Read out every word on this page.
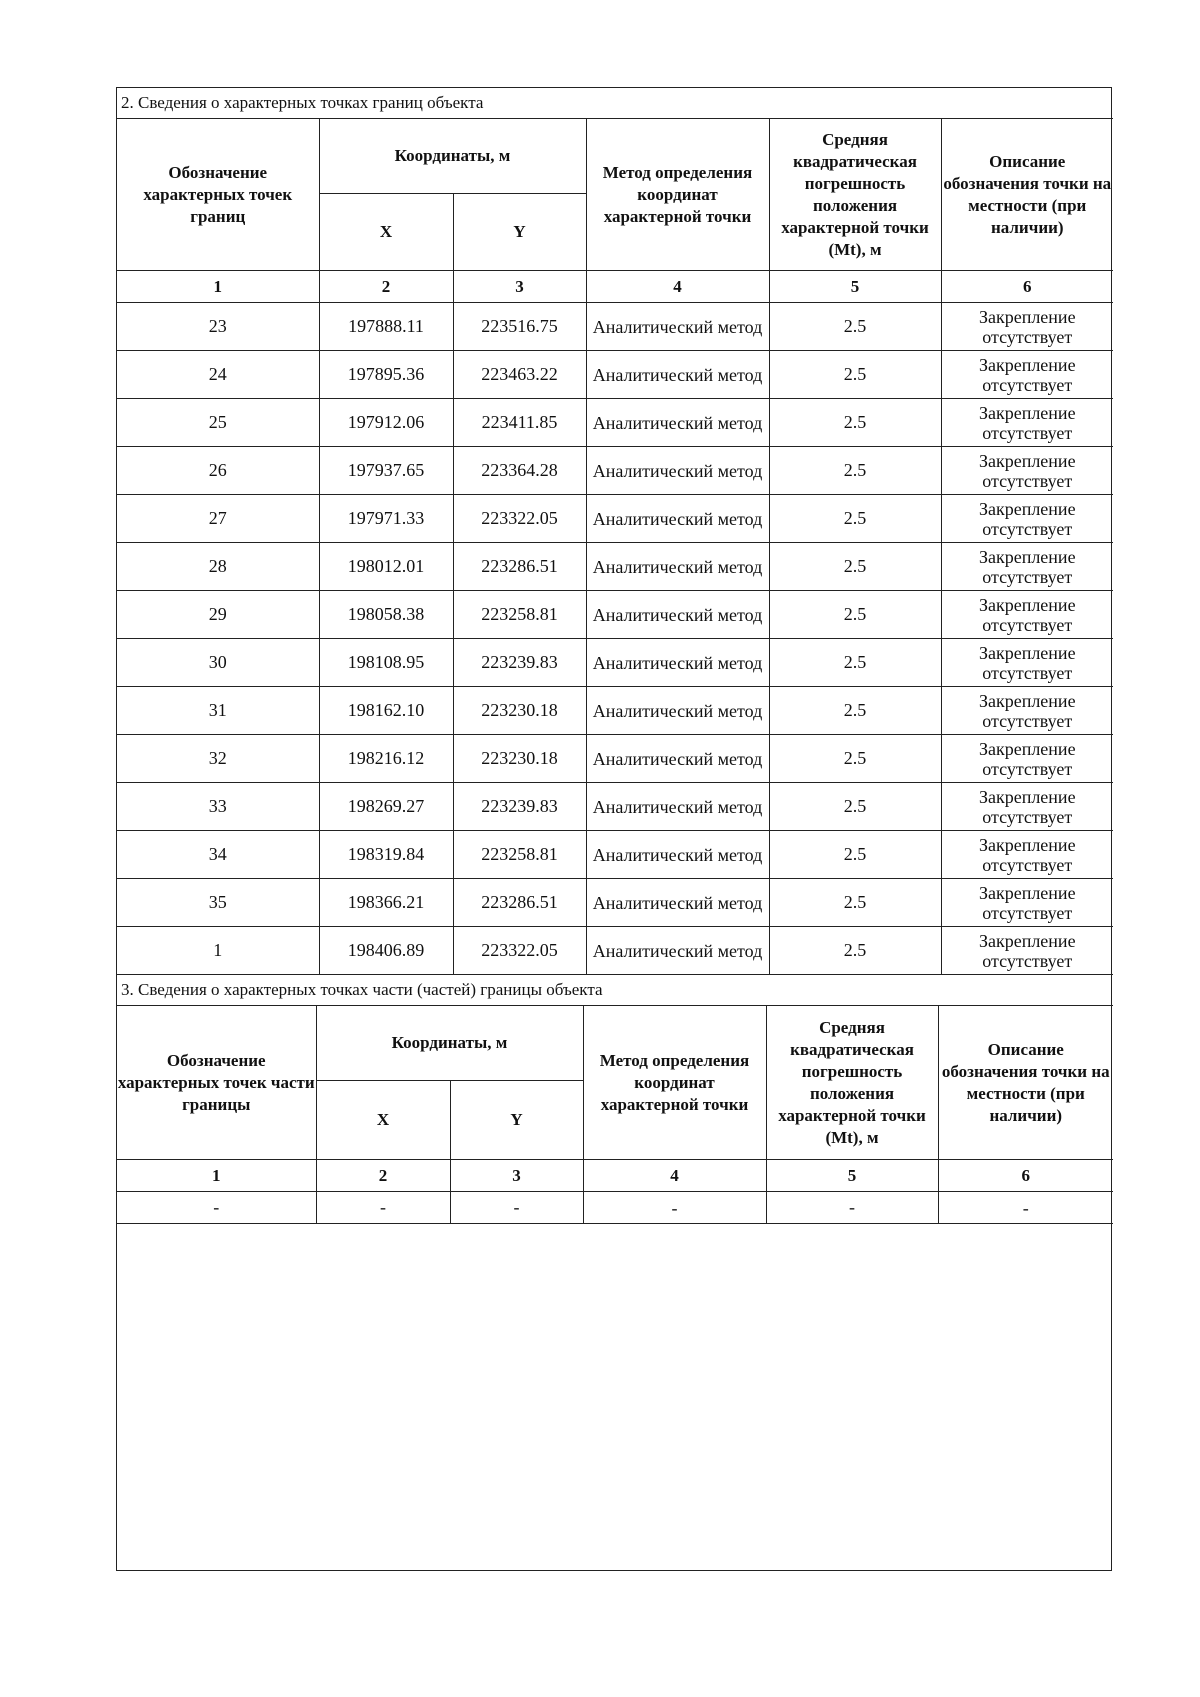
2. Сведения о характерных точках границ объекта					
Обозначение характерных точек границ	Координаты, м		Метод определения координат характерной точки	Средняя квадратическая погрешность положения характерной точки (Mt), м	Описание обозначения точки на местности (при наличии)
	X	Y			
1	2	3	4	5	6
23	197888.11	223516.75	Аналитический метод	2.5	Закрепление отсутствует
24	197895.36	223463.22	Аналитический метод	2.5	Закрепление отсутствует
25	197912.06	223411.85	Аналитический метод	2.5	Закрепление отсутствует
26	197937.65	223364.28	Аналитический метод	2.5	Закрепление отсутствует
27	197971.33	223322.05	Аналитический метод	2.5	Закрепление отсутствует
28	198012.01	223286.51	Аналитический метод	2.5	Закрепление отсутствует
29	198058.38	223258.81	Аналитический метод	2.5	Закрепление отсутствует
30	198108.95	223239.83	Аналитический метод	2.5	Закрепление отсутствует
31	198162.10	223230.18	Аналитический метод	2.5	Закрепление отсутствует
32	198216.12	223230.18	Аналитический метод	2.5	Закрепление отсутствует
33	198269.27	223239.83	Аналитический метод	2.5	Закрепление отсутствует
34	198319.84	223258.81	Аналитический метод	2.5	Закрепление отсутствует
35	198366.21	223286.51	Аналитический метод	2.5	Закрепление отсутствует
1	198406.89	223322.05	Аналитический метод	2.5	Закрепление отсутствует
3. Сведения о характерных точках части (частей) границы объекта					
Обозначение характерных точек части границы	Координаты, м		Метод определения координат характерной точки	Средняя квадратическая погрешность положения характерной точки (Mt), м	Описание обозначения точки на местности (при наличии)
	X	Y			
1	2	3	4	5	6
-	-	-	-	-	-
